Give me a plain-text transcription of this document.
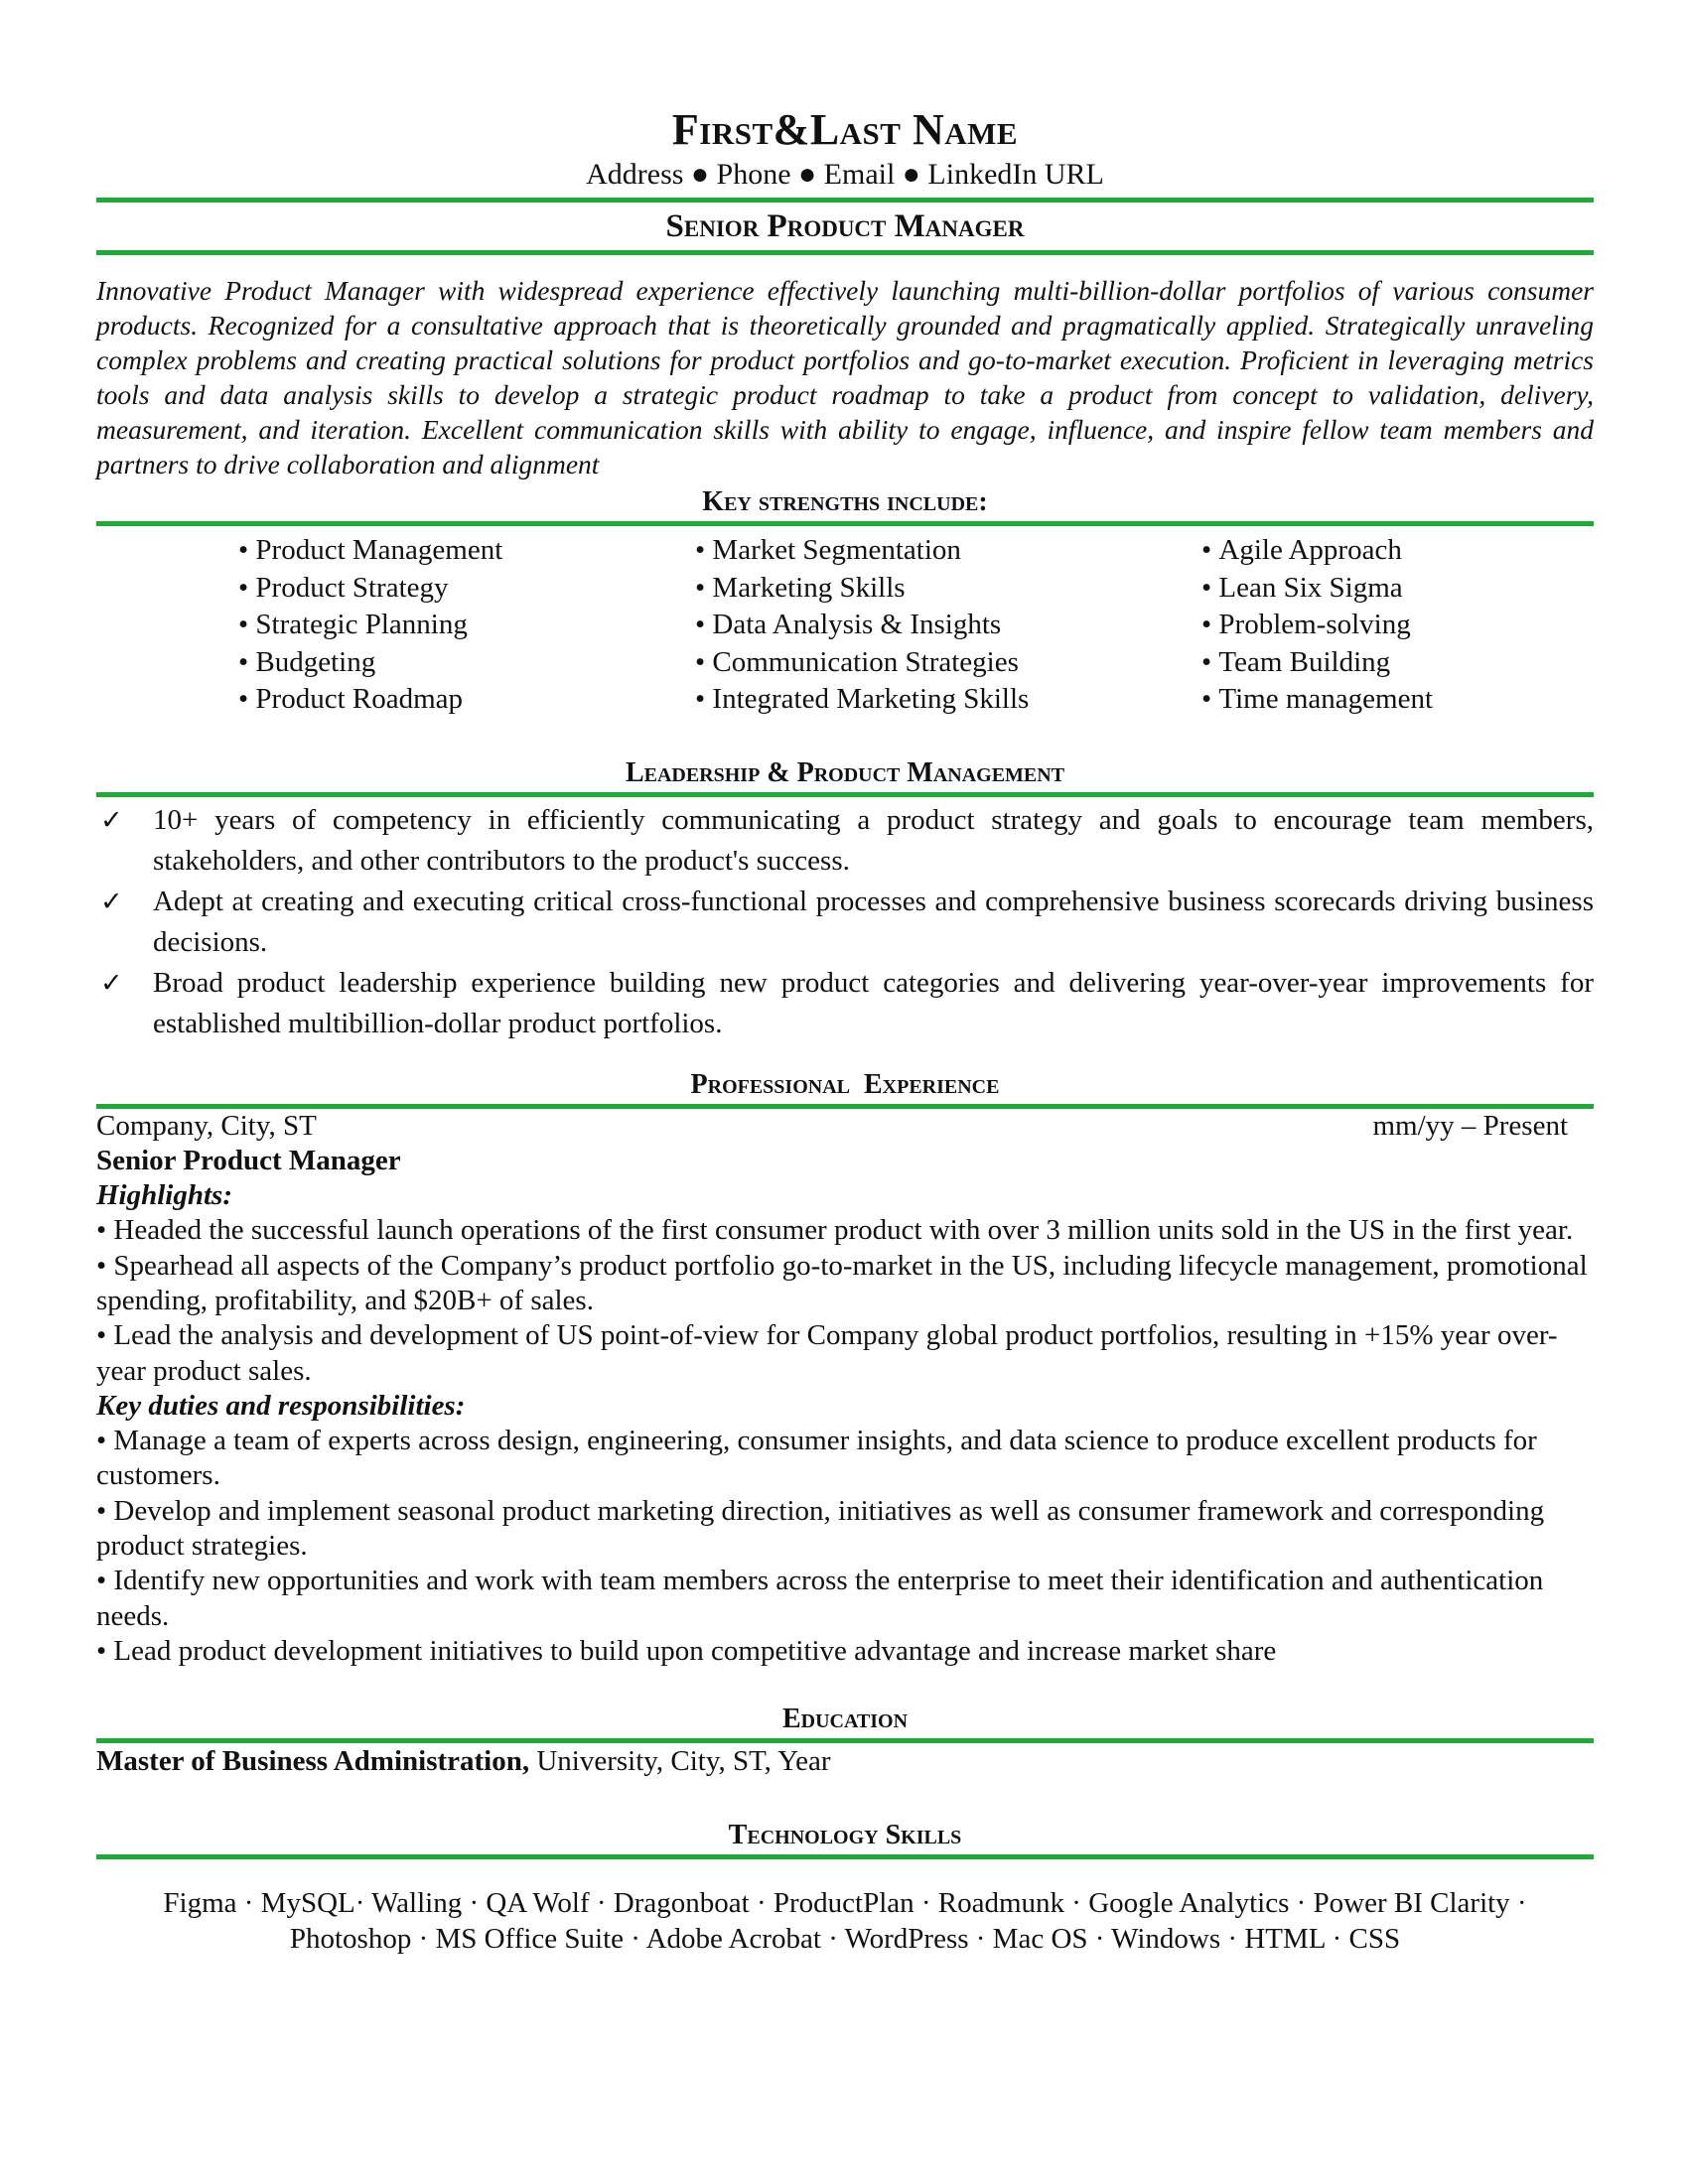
First&Last Name
Address ● Phone ● Email ● LinkedIn URL
Senior Product Manager
Innovative Product Manager with widespread experience effectively launching multi-billion-dollar portfolios of various consumer products. Recognized for a consultative approach that is theoretically grounded and pragmatically applied. Strategically unraveling complex problems and creating practical solutions for product portfolios and go-to-market execution. Proficient in leveraging metrics tools and data analysis skills to develop a strategic product roadmap to take a product from concept to validation, delivery, measurement, and iteration. Excellent communication skills with ability to engage, influence, and inspire fellow team members and partners to drive collaboration and alignment
Key strengths include:
• Product Management
• Product Strategy
• Strategic Planning
• Budgeting
• Product Roadmap
• Market Segmentation
• Marketing Skills
• Data Analysis & Insights
• Communication Strategies
• Integrated Marketing Skills
• Agile Approach
• Lean Six Sigma
• Problem-solving
• Team Building
• Time management
Leadership & Product Management
✓	10+ years of competency in efficiently communicating a product strategy and goals to encourage team members, stakeholders, and other contributors to the product's success.
✓	Adept at creating and executing critical cross-functional processes and comprehensive business scorecards driving business decisions.
✓	Broad product leadership experience building new product categories and delivering year-over-year improvements for established multibillion-dollar product portfolios.
Professional  Experience
Company, City, ST	mm/yy – Present
Senior Product Manager
Highlights:
• Headed the successful launch operations of the first consumer product with over 3 million units sold in the US in the first year.
• Spearhead all aspects of the Company’s product portfolio go-to-market in the US, including lifecycle management, promotional spending, profitability, and $20B+ of sales.
• Lead the analysis and development of US point-of-view for Company global product portfolios, resulting in +15% year over-year product sales.
Key duties and responsibilities:
• Manage a team of experts across design, engineering, consumer insights, and data science to produce excellent products for customers.
• Develop and implement seasonal product marketing direction, initiatives as well as consumer framework and corresponding product strategies.
• Identify new opportunities and work with team members across the enterprise to meet their identification and authentication needs.
• Lead product development initiatives to build upon competitive advantage and increase market share
Education
Master of Business Administration, University, City, ST, Year
Technology Skills
Figma · MySQL· Walling · QA Wolf · Dragonboat · ProductPlan · Roadmunk · Google Analytics · Power BI Clarity ·
Photoshop · MS Office Suite · Adobe Acrobat · WordPress · Mac OS · Windows · HTML · CSS
